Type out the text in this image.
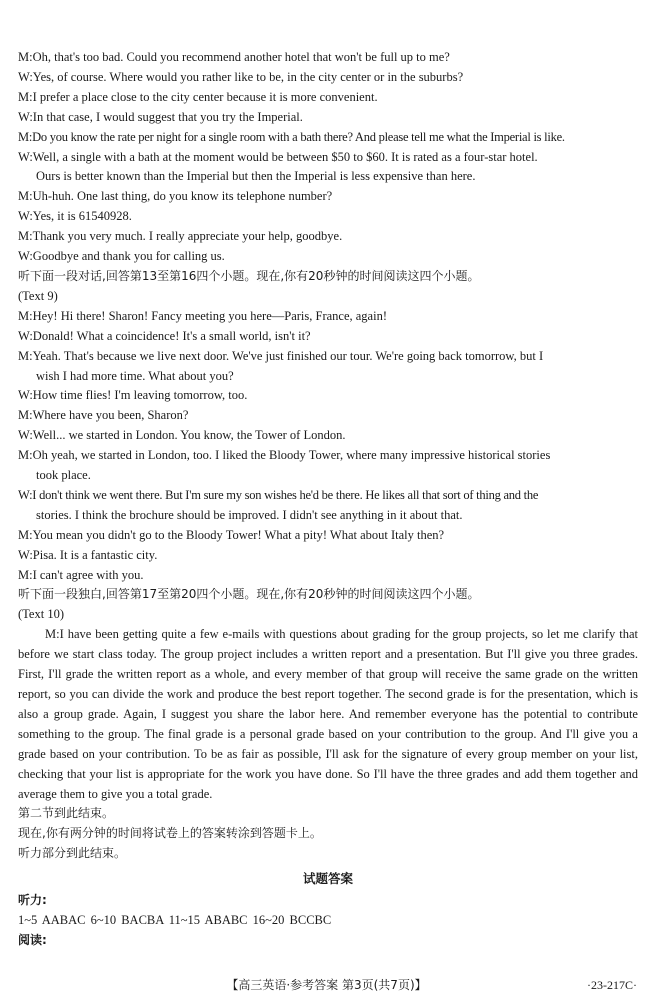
M:Oh, that's too bad. Could you recommend another hotel that won't be full up to me?
W:Yes, of course. Where would you rather like to be, in the city center or in the suburbs?
M:I prefer a place close to the city center because it is more convenient.
W:In that case, I would suggest that you try the Imperial.
M:Do you know the rate per night for a single room with a bath there? And please tell me what the Imperial is like.
W:Well, a single with a bath at the moment would be between $50 to $60. It is rated as a four-star hotel.
Ours is better known than the Imperial but then the Imperial is less expensive than here.
M:Uh-huh. One last thing, do you know its telephone number?
W:Yes, it is 61540928.
M:Thank you very much. I really appreciate your help, goodbye.
W:Goodbye and thank you for calling us.
听下面一段对话,回答第13至第16四个小题。现在,你有20秒钟的时间阅读这四个小题。
(Text 9)
M:Hey! Hi there! Sharon! Fancy meeting you here—Paris, France, again!
W:Donald! What a coincidence! It's a small world, isn't it?
M:Yeah. That's because we live next door. We've just finished our tour. We're going back tomorrow, but I
wish I had more time. What about you?
W:How time flies! I'm leaving tomorrow, too.
M:Where have you been, Sharon?
W:Well... we started in London. You know, the Tower of London.
M:Oh yeah, we started in London, too. I liked the Bloody Tower, where many impressive historical stories
took place.
W:I don't think we went there. But I'm sure my son wishes he'd be there. He likes all that sort of thing and the
stories. I think the brochure should be improved. I didn't see anything in it about that.
M:You mean you didn't go to the Bloody Tower! What a pity! What about Italy then?
W:Pisa. It is a fantastic city.
M:I can't agree with you.
听下面一段独白,回答第17至第20四个小题。现在,你有20秒钟的时间阅读这四个小题。
(Text 10)
M:I have been getting quite a few e-mails with questions about grading for the group projects, so let me clarify that before we start class today. The group project includes a written report and a presentation. But I'll give you three grades. First, I'll grade the written report as a whole, and every member of that group will receive the same grade on the written report, so you can divide the work and produce the best report together. The second grade is for the presentation, which is also a group grade. Again, I suggest you share the labor here. And remember everyone has the potential to contribute something to the group. The final grade is a personal grade based on your contribution to the group. And I'll give you a grade based on your contribution. To be as fair as possible, I'll ask for the signature of every group member on your list, checking that your list is appropriate for the work you have done. So I'll have the three grades and add them together and average them to give you a total grade.
第二节到此结束。
现在,你有两分钟的时间将试卷上的答案转涂到答题卡上。
听力部分到此结束。
试题答案
听力:
1~5 AABAC 6~10 BACBA 11~15 ABABC 16~20 BCCBC
阅读:
【高三英语·参考答案 第3页(共7页)】	·23-217C·
